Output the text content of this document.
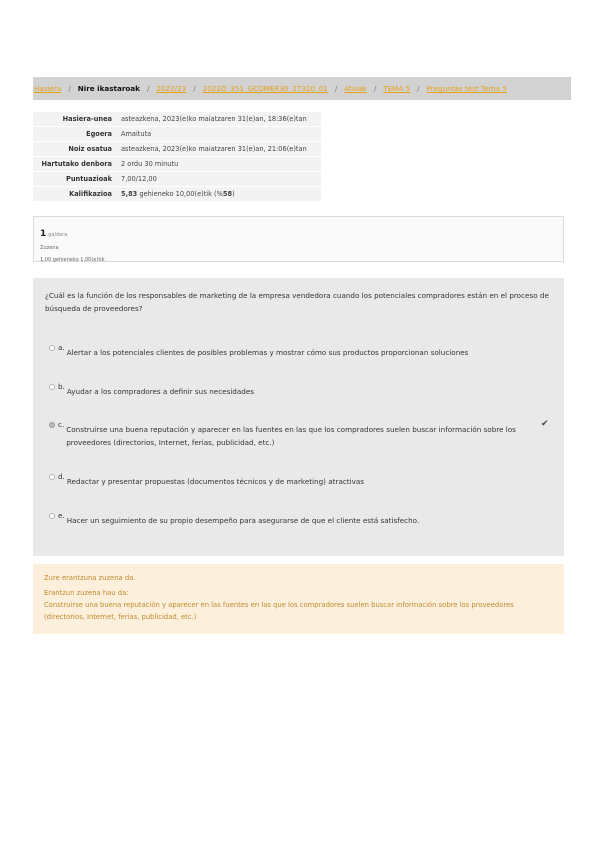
Hasiera / Nire ikastaroak / 2022/23 / 2022Q_351_GCOMER30_27320_01 / Atalak / TEMA 5 / Preguntas test Tema 5
Hasiera-unea	asteazkena, 2023(e)ko maiatzaren 31(e)an, 18:36(e)tan
Egoera	Amaituta
Noiz osatua	asteazkena, 2023(e)ko maiatzaren 31(e)an, 21:06(e)tan
Hartutako denbora	2 ordu 30 minutu
Puntuazioak	7,00/12,00
Kalifikazioa	5,83 gehieneko 10,00(e)tik (%58)
1 galdera
Zuzena
1,00 gehieneko 1,00(e)tik
¿Cuál es la función de los responsables de marketing de la empresa vendedora cuando los potenciales compradores están en el proceso de búsqueda de proveedores?
a.
Alertar a los potenciales clientes de posibles problemas y mostrar cómo sus productos proporcionan soluciones
b.
Ayudar a los compradores a definir sus necesidades
c.
Construirse una buena reputación y aparecer en las fuentes en las que los compradores suelen buscar información sobre los proveedores (directorios, Internet, ferias, publicidad, etc.)
✔
d.
Redactar y presentar propuestas (documentos técnicos y de marketing) atractivas
e.
Hacer un seguimiento de su propio desempeño para asegurarse de que el cliente está satisfecho.
Zure erantzuna zuzena da.
Erantzun zuzena hau da:
Construirse una buena reputación y aparecer en las fuentes en las que los compradores suelen buscar información sobre los proveedores (directorios, Internet, ferias, publicidad, etc.)
